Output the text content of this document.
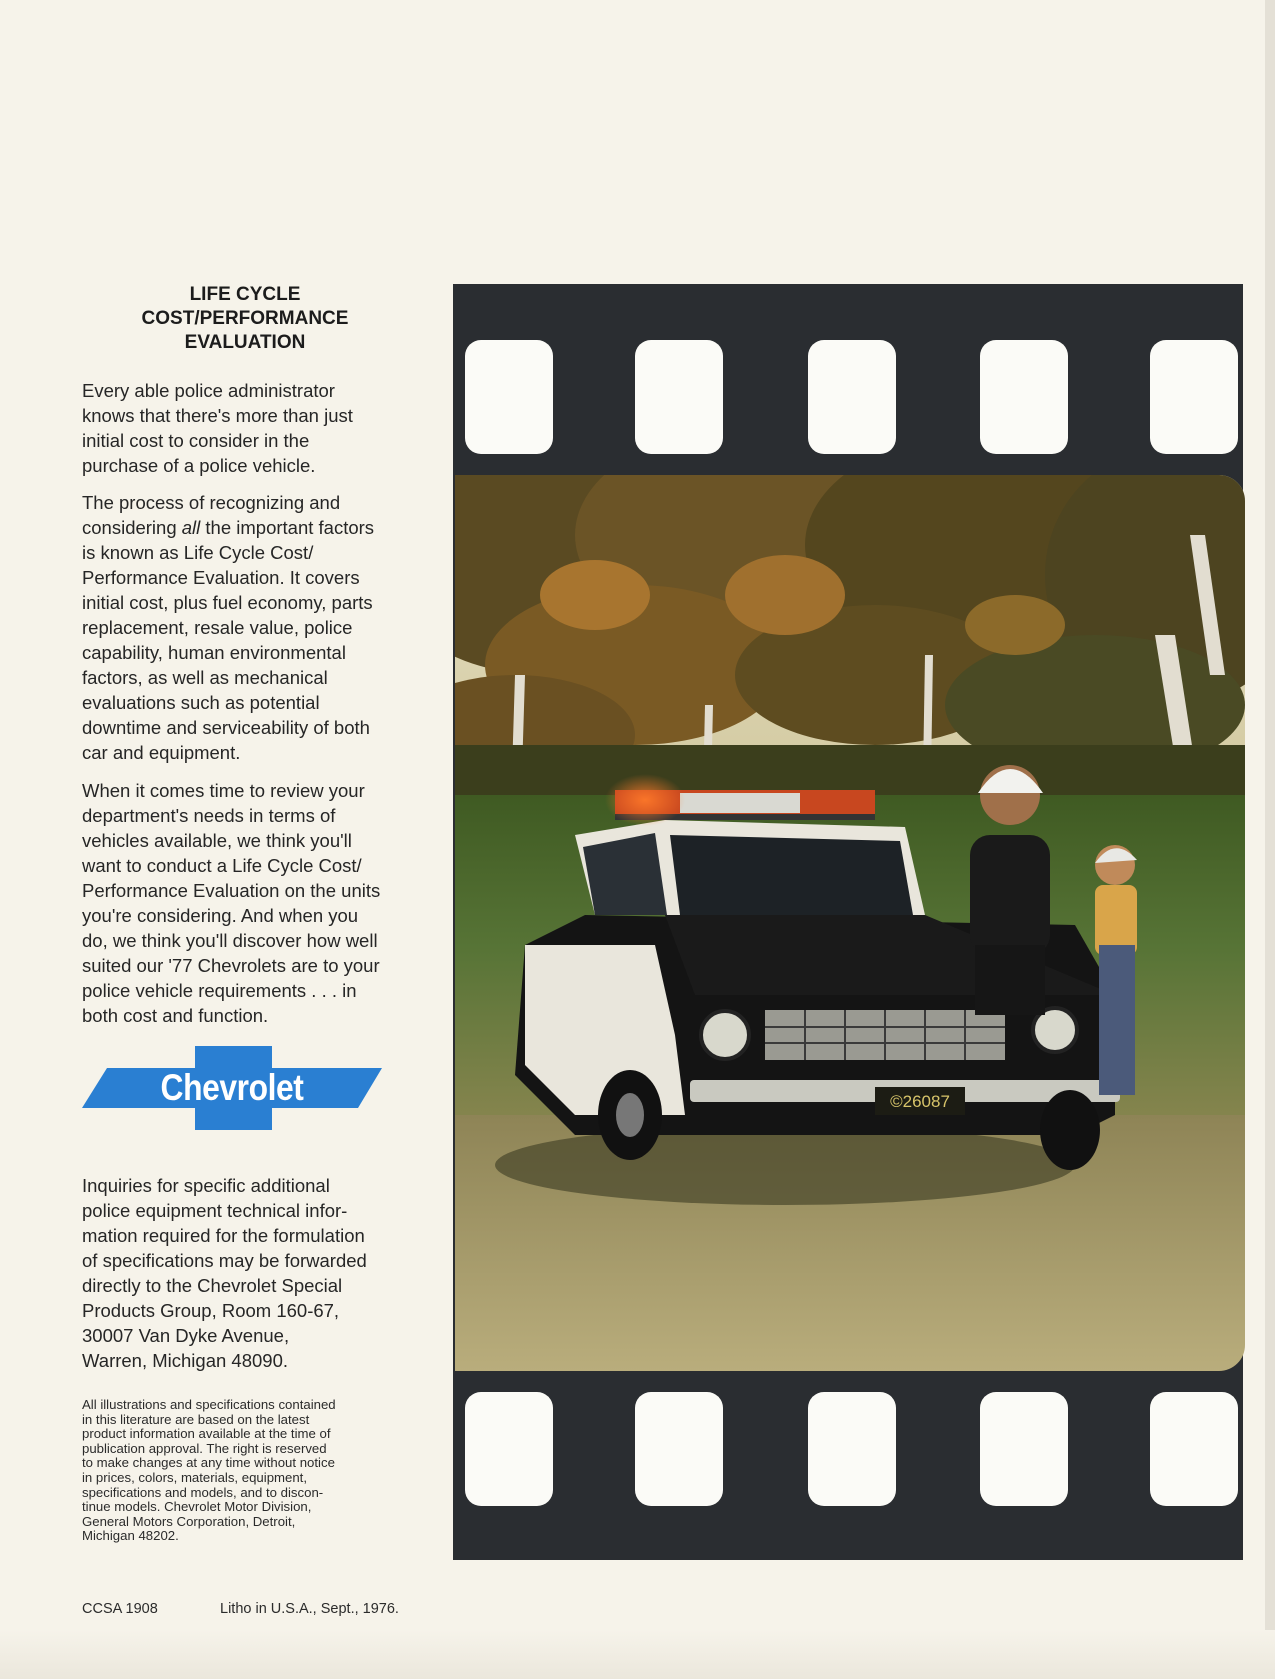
LIFE CYCLE
COST/PERFORMANCE
EVALUATION
Every able police administrator
knows that there's more than just
initial cost to consider in the
purchase of a police vehicle.
The process of recognizing and
considering all the important factors
is known as Life Cycle Cost/
Performance Evaluation. It covers
initial cost, plus fuel economy, parts
replacement, resale value, police
capability, human environmental
factors, as well as mechanical
evaluations such as potential
downtime and serviceability of both
car and equipment.
When it comes time to review your
department's needs in terms of
vehicles available, we think you'll
want to conduct a Life Cycle Cost/
Performance Evaluation on the units
you're considering. And when you
do, we think you'll discover how well
suited our '77 Chevrolets are to your
police vehicle requirements . . . in
both cost and function.
Chevrolet
Inquiries for specific additional
police equipment technical infor-
mation required for the formulation
of specifications may be forwarded
directly to the Chevrolet Special
Products Group, Room 160-67,
30007 Van Dyke Avenue,
Warren, Michigan 48090.
All illustrations and specifications contained
in this literature are based on the latest
product information available at the time of
publication approval. The right is reserved
to make changes at any time without notice
in prices, colors, materials, equipment,
specifications and models, and to discon-
tinue models. Chevrolet Motor Division,
General Motors Corporation, Detroit,
Michigan 48202.
CCSA 1908	Litho in U.S.A., Sept., 1976.
©26087
